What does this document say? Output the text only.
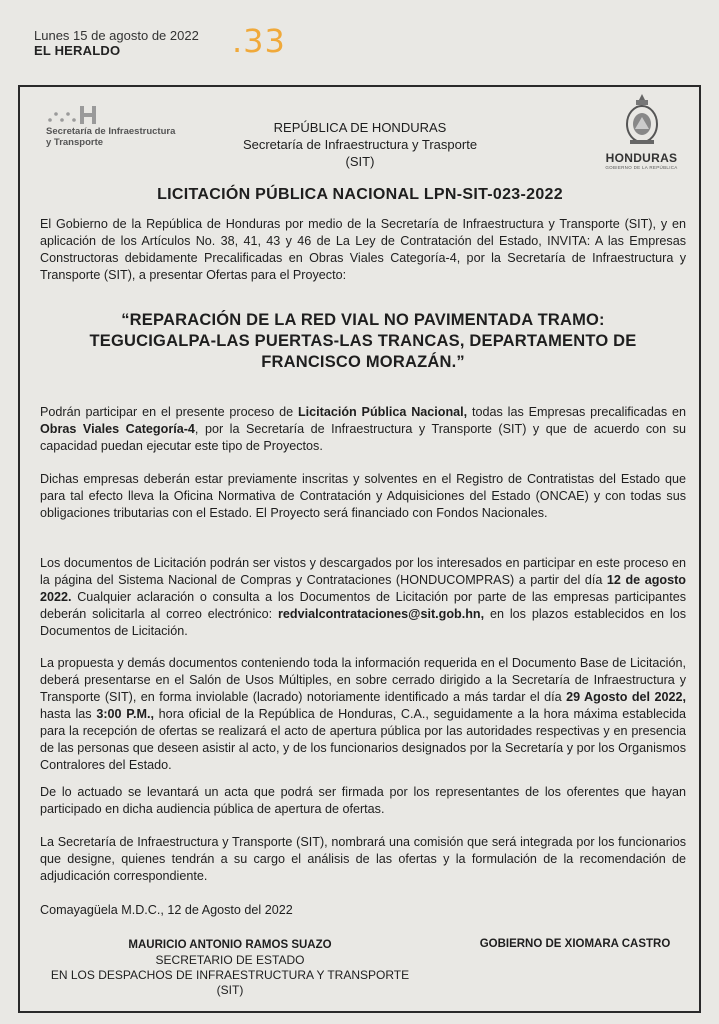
Lunes 15 de agosto de 2022
EL HERALDO	.33
Secretaría de Infraestructura
y Transporte
HONDURAS
GOBIERNO DE LA REPÚBLICA
REPÚBLICA DE HONDURAS
Secretaría de Infraestructura y Trasporte
(SIT)
LICITACIÓN PÚBLICA NACIONAL LPN-SIT-023-2022
El Gobierno de la República de Honduras por medio de la Secretaría de Infraestructura y Transporte (SIT), y en aplicación de los Artículos No. 38, 41, 43 y 46 de La Ley de Contratación del Estado, INVITA: A las Empresas Constructoras debidamente Precalificadas en Obras Viales Categoría-4, por la Secretaría de Infraestructura y Transporte (SIT), a presentar Ofertas para el Proyecto:
“REPARACIÓN DE LA RED VIAL NO PAVIMENTADA TRAMO:
TEGUCIGALPA-LAS PUERTAS-LAS TRANCAS, DEPARTAMENTO DE
FRANCISCO MORAZÁN.”
Podrán participar en el presente proceso de Licitación Pública Nacional, todas las Empresas precalificadas en Obras Viales Categoría-4, por la Secretaría de Infraestructura y Transporte (SIT) y que de acuerdo con su capacidad puedan ejecutar este tipo de Proyectos.
Dichas empresas deberán estar previamente inscritas y solventes en el Registro de Contratistas del Estado que para tal efecto lleva la Oficina Normativa de Contratación y Adquisiciones del Estado (ONCAE) y con todas sus obligaciones tributarias con el Estado. El Proyecto será financiado con Fondos Nacionales.
Los documentos de Licitación podrán ser vistos y descargados por los interesados en participar en este proceso en la página del Sistema Nacional de Compras y Contrataciones (HONDUCOMPRAS) a partir del día 12 de agosto 2022. Cualquier aclaración o consulta a los Documentos de Licitación por parte de las empresas participantes deberán solicitarla al correo electrónico: redvialcontrataciones@sit.gob.hn, en los plazos establecidos en los Documentos de Licitación.
La propuesta y demás documentos conteniendo toda la información requerida en el Documento Base de Licitación, deberá presentarse en el Salón de Usos Múltiples, en sobre cerrado dirigido a la Secretaría de Infraestructura y Transporte (SIT), en forma inviolable (lacrado) notoriamente identificado a más tardar el día 29 Agosto del 2022, hasta las 3:00 P.M., hora oficial de la República de Honduras, C.A., seguidamente a la hora máxima establecida para la recepción de ofertas se realizará el acto de apertura pública por las autoridades respectivas y en presencia de las personas que deseen asistir al acto, y de los funcionarios designados por la Secretaría y por los Organismos Contralores del Estado.
De lo actuado se levantará un acta que podrá ser firmada por los representantes de los oferentes que hayan participado en dicha audiencia pública de apertura de ofertas.
La Secretaría de Infraestructura y Transporte (SIT), nombrará una comisión que será integrada por los funcionarios que designe, quienes tendrán a su cargo el análisis de las ofertas y la formulación de la recomendación de adjudicación correspondiente.
Comayagüela M.D.C., 12 de Agosto del 2022
MAURICIO ANTONIO RAMOS SUAZO
SECRETARIO DE ESTADO
EN LOS DESPACHOS DE INFRAESTRUCTURA Y TRANSPORTE
(SIT)
GOBIERNO DE XIOMARA CASTRO
